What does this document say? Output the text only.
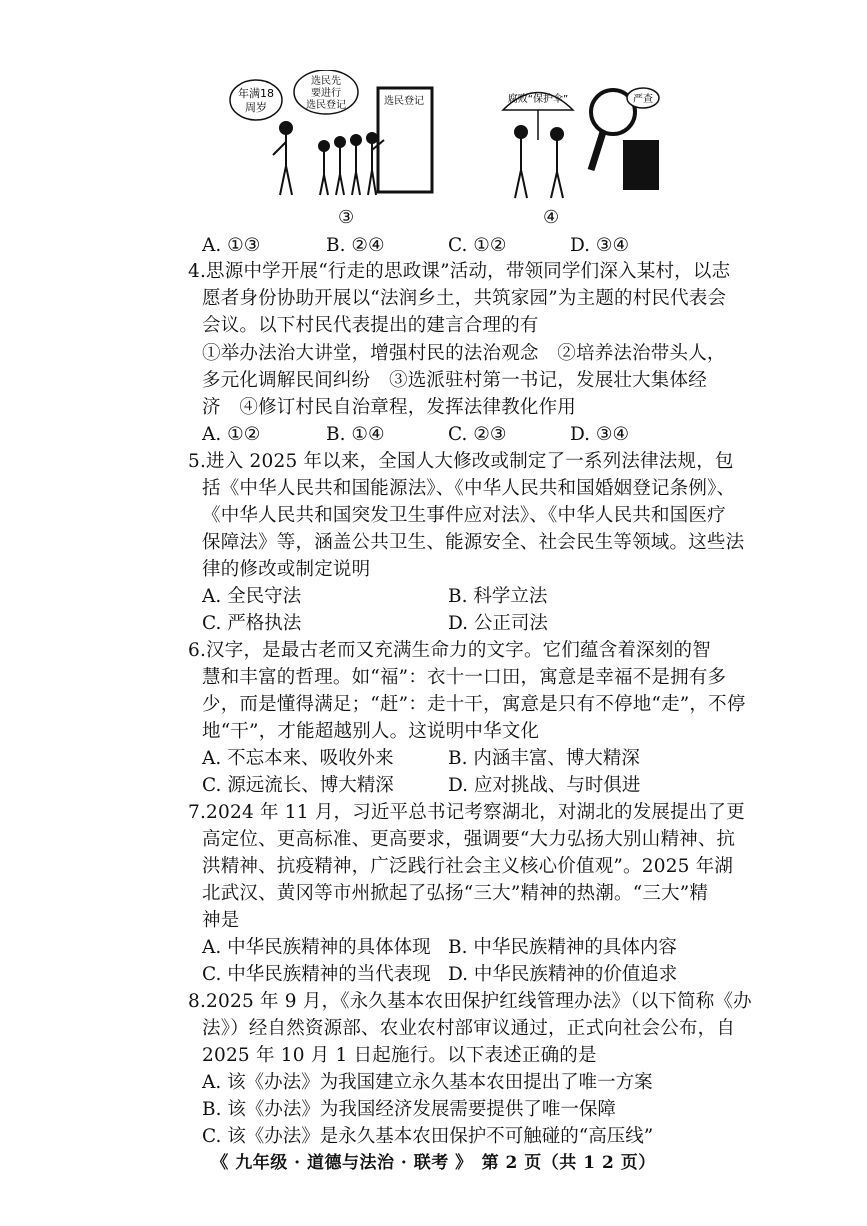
年满18
周岁
选民先
要进行
选民登记	选民登记
③
腐败“保护伞”	严查
④
A. ①③	B. ②④	C. ①②	D. ③④
4.思源中学开展“行走的思政课”活动，带领同学们深入某村，以志
愿者身份协助开展以“法润乡土，共筑家园”为主题的村民代表会
会议。以下村民代表提出的建言合理的有
①举办法治大讲堂，增强村民的法治观念　②培养法治带头人，
多元化调解民间纠纷　③选派驻村第一书记，发展壮大集体经
济　④修订村民自治章程，发挥法律教化作用
A. ①②	B. ①④	C. ②③	D. ③④
5.进入 2025 年以来，全国人大修改或制定了一系列法律法规，包
括《中华人民共和国能源法》、《中华人民共和国婚姻登记条例》、
《中华人民共和国突发卫生事件应对法》、《中华人民共和国医疗
保障法》等，涵盖公共卫生、能源安全、社会民生等领域。这些法
律的修改或制定说明
A. 全民守法	B. 科学立法
C. 严格执法	D. 公正司法
6.汉字，是最古老而又充满生命力的文字。它们蕴含着深刻的智
慧和丰富的哲理。如“福”：衣十一口田，寓意是幸福不是拥有多
少，而是懂得满足；“赶”：走十干，寓意是只有不停地“走”，不停
地“干”，才能超越别人。这说明中华文化
A. 不忘本来、吸收外来	B. 内涵丰富、博大精深
C. 源远流长、博大精深	D. 应对挑战、与时俱进
7.2024 年 11 月，习近平总书记考察湖北，对湖北的发展提出了更
高定位、更高标准、更高要求，强调要“大力弘扬大别山精神、抗
洪精神、抗疫精神，广泛践行社会主义核心价值观”。2025 年湖
北武汉、黄冈等市州掀起了弘扬“三大”精神的热潮。“三大”精
神是
A. 中华民族精神的具体体现 B. 中华民族精神的具体内容
C. 中华民族精神的当代表现 D. 中华民族精神的价值追求
8.2025 年 9 月，《永久基本农田保护红线管理办法》（以下简称《办
法》）经自然资源部、农业农村部审议通过，正式向社会公布，自
2025 年 10 月 1 日起施行。以下表述正确的是
A. 该《办法》为我国建立永久基本农田提出了唯一方案
B. 该《办法》为我国经济发展需要提供了唯一保障
C. 该《办法》是永久基本农田保护不可触碰的“高压线”
《 九年级 · 道德与法治 · 联考 》　第 2 页（共 1 2 页）
